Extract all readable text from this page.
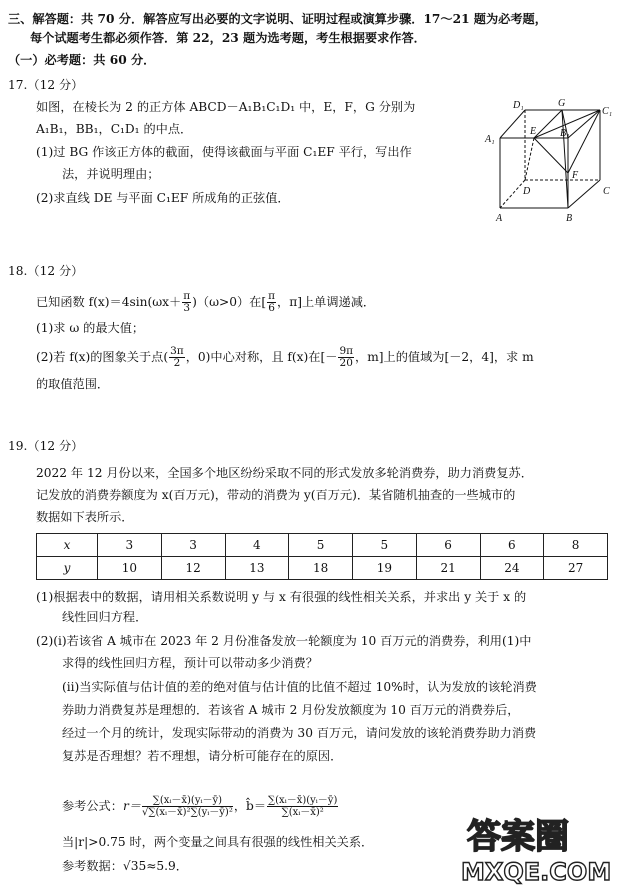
三、解答题：共 70 分．解答应写出必要的文字说明、证明过程或演算步骤．17～21 题为必考题，
每个试题考生都必须作答．第 22，23 题为选考题，考生根据要求作答．
（一）必考题：共 60 分．
17.（12 分）
如图，在棱长为 2 的正方体 ABCD－A₁B₁C₁D₁ 中，E，F，G 分别为
A₁B₁，BB₁，C₁D₁ 的中点．
(1)过 BG 作该正方体的截面，使得该截面与平面 C₁EF 平行，写出作
法，并说明理由；
(2)求直线 DE 与平面 C₁EF 所成角的正弦值．
D₁	G
C₁
A₁
E B₁
F
D	C
A	B
18.（12 分）
已知函数 $f(x)=4\sin(\omega x+ \frac{\pi}{3} )(\omega>0)$在[ $\frac{\pi}{6}$ ，π]上单调递减．
(1)求 ω 的最大值；
(2)若 f(x)的图象关于点( $\frac{3\pi}{2}$ ，0)中心对称，且 f(x)在[－ $\frac{9\pi}{20}$ ，m]上的值域为[－2，4]，求 m
的取值范围．
19.（12 分）
2022 年 12 月份以来，全国多个地区纷纷采取不同的形式发放多轮消费券，助力消费复苏．
记发放的消费券额度为 x(百万元)，带动的消费为 y(百万元)．某省随机抽查的一些城市的
数据如下表所示．
x	3	3	4	5	5	6	6	8
y	10	12	13	18	19	21	24	27
(1)根据表中的数据，请用相关系数说明 y 与 x 有很强的线性相关关系，并求出 y 关于 x 的
线性回归方程．
(2)(i)若该省 A 城市在 2023 年 2 月份准备发放一轮额度为 10 百万元的消费券，利用(1)中
求得的线性回归方程，预计可以带动多少消费？
(ii)当实际值与估计值的差的绝对值与估计值的比值不超过 10%时，认为发放的该轮消费
券助力消费复苏是理想的．若该省 A 城市 2 月份发放额度为 10 百万元的消费券后，
经过一个月的统计，发现实际带动的消费为 30 百万元，请问发放的该轮消费券助力消费
复苏是否理想？若不理想，请分析可能存在的原因．
参考公式：$r= \frac{\text{∑(xᵢ－x̄)(yᵢ－ȳ)}}{\text{√∑(xᵢ－x̄)²∑(yᵢ－ȳ)²}}$ ，b̂＝ $\frac{\text{∑(xᵢ－x̄)(yᵢ－ȳ)}}{\text{∑(xᵢ－x̄)²}}$
当|r|>0.75 时，两个变量之间具有很强的线性相关关系．
参考数据：√35≈5.9．
答案圈
MXQE.COM
